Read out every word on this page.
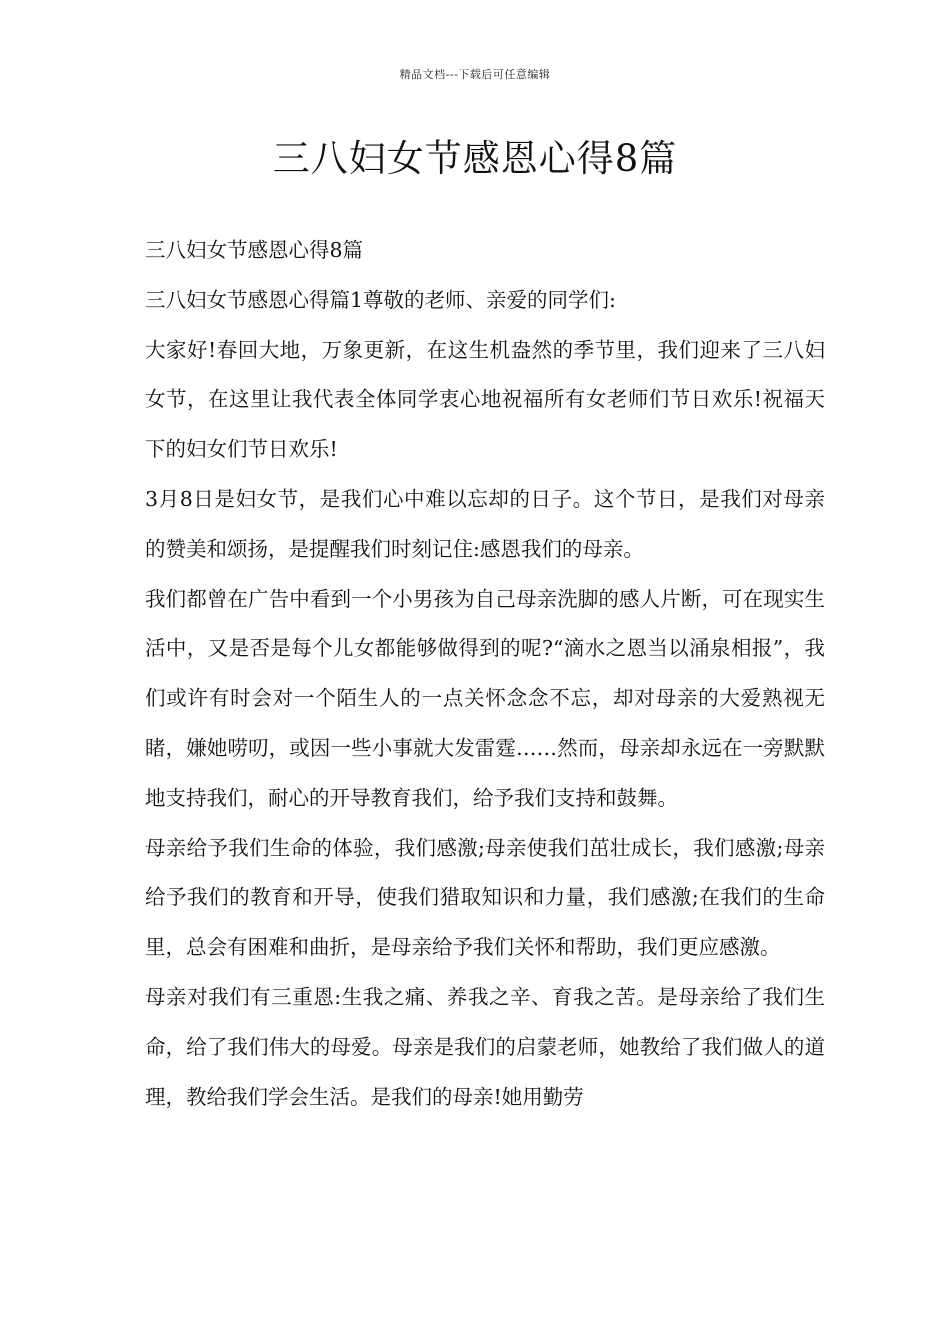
精品文档---下载后可任意编辑
三八妇女节感恩心得8篇

三八妇女节感恩心得8篇

三八妇女节感恩心得篇1尊敬的老师、亲爱的同学们:

大家好!春回大地，万象更新，在这生机盎然的季节里，我们迎来了三八妇女节，在这里让我代表全体同学衷心地祝福所有女老师们节日欢乐!祝福天下的妇女们节日欢乐!

3月8日是妇女节，是我们心中难以忘却的日子。这个节日，是我们对母亲的赞美和颂扬，是提醒我们时刻记住:感恩我们的母亲。

我们都曾在广告中看到一个小男孩为自己母亲洗脚的感人片断，可在现实生活中，又是否是每个儿女都能够做得到的呢?“滴水之恩当以涌泉相报”，我们或许有时会对一个陌生人的一点关怀念念不忘，却对母亲的大爱熟视无睹，嫌她唠叨，或因一些小事就大发雷霆……然而，母亲却永远在一旁默默地支持我们，耐心的开导教育我们，给予我们支持和鼓舞。

母亲给予我们生命的体验，我们感激;母亲使我们茁壮成长，我们感激;母亲给予我们的教育和开导，使我们猎取知识和力量，我们感激;在我们的生命里，总会有困难和曲折，是母亲给予我们关怀和帮助，我们更应感激。

母亲对我们有三重恩:生我之痛、养我之辛、育我之苦。是母亲给了我们生命，给了我们伟大的母爱。母亲是我们的启蒙老师，她教给了我们做人的道理，教给我们学会生活。是我们的母亲!她用勤劳
